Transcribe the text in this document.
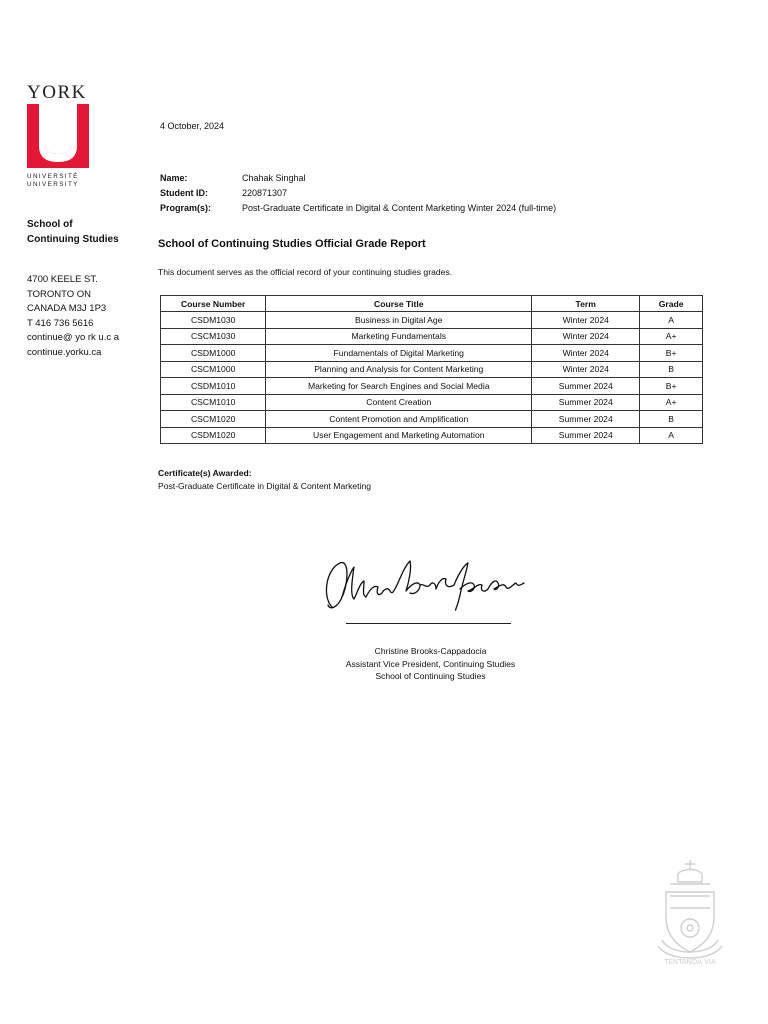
YORK
UNIVERSITÉ
UNIVERSITY
School of
Continuing Studies
4700 KEELE ST.
TORONTO ON
CANADA M3J 1P3
T 416 736 5616
continue@ yo rk u.c a
continue.yorku.ca
4 October, 2024
Name:	Chahak Singhal
Student ID:	220871307
Program(s):	Post-Graduate Certificate in Digital & Content Marketing Winter 2024 (full-time)
School of Continuing Studies Official Grade Report
This document serves as the official record of your continuing studies grades.
Course Number	Course Title	Term	Grade
CSDM1030	Business in Digital Age	Winter 2024	A
CSCM1030	Marketing Fundamentals	Winter 2024	A+
CSDM1000	Fundamentals of Digital Marketing	Winter 2024	B+
CSCM1000	Planning and Analysis for Content Marketing	Winter 2024	B
CSDM1010	Marketing for Search Engines and Social Media	Summer 2024	B+
CSCM1010	Content Creation	Summer 2024	A+
CSCM1020	Content Promotion and Amplification	Summer 2024	B
CSDM1020	User Engagement and Marketing Automation	Summer 2024	A
Certificate(s) Awarded:
Post-Graduate Certificate in Digital & Content Marketing
Christine Brooks-Cappadocia
Assistant Vice President, Continuing Studies
School of Continuing Studies
TENTANDA VIA
